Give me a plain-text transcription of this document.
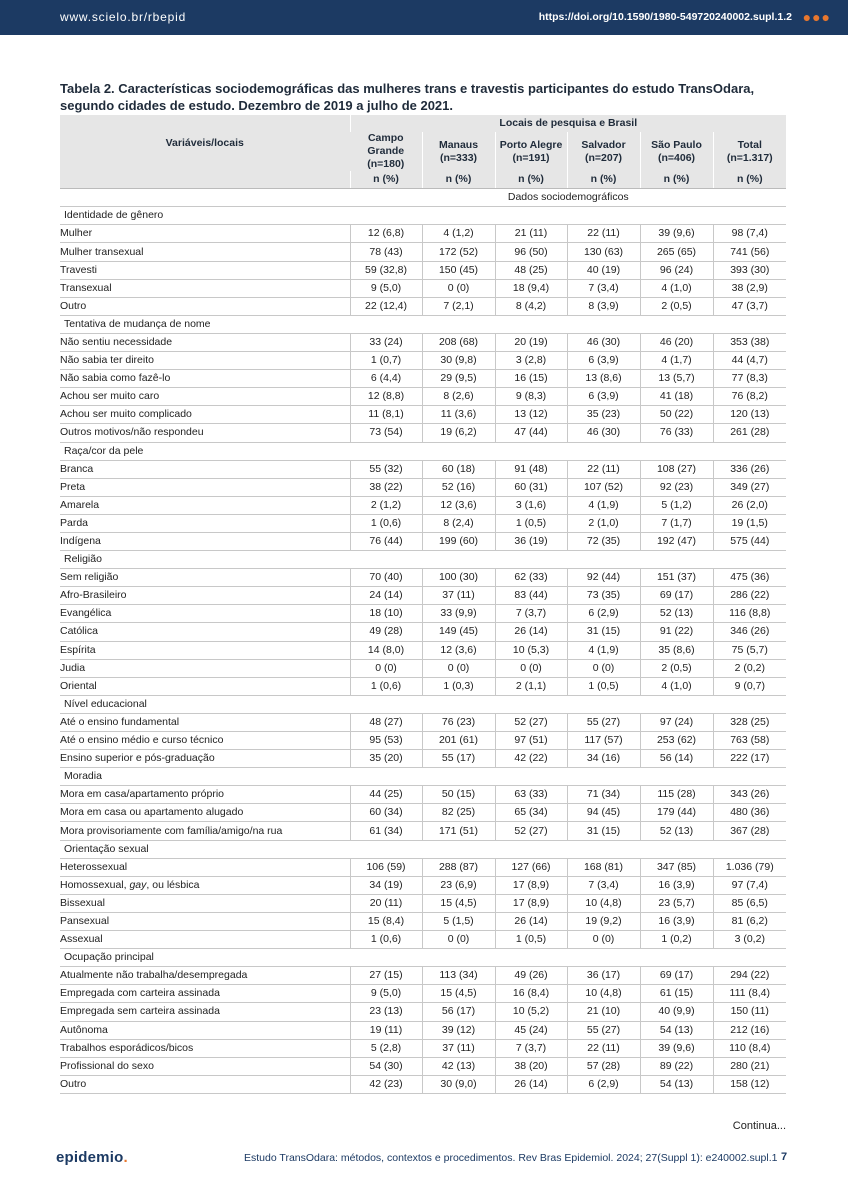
www.scielo.br/rbepid	https://doi.org/10.1590/1980-549720240002.supl.1.2 ●●●
Tabela 2. Características sociodemográficas das mulheres trans e travestis participantes do estudo TransOdara, segundo cidades de estudo. Dezembro de 2019 a julho de 2021.
Variáveis/locais	Locais de pesquisa e Brasil					
	Campo Grande (n=180)	Manaus (n=333)	Porto Alegre (n=191)	Salvador (n=207)	São Paulo (n=406)	Total (n=1.317)
	n (%)	n (%)	n (%)	n (%)	n (%)	n (%)
	Dados sociodemográficos					
Identidade de gênero						
Mulher	12 (6,8)	4 (1,2)	21 (11)	22 (11)	39 (9,6)	98 (7,4)
Mulher transexual	78 (43)	172 (52)	96 (50)	130 (63)	265 (65)	741 (56)
Travesti	59 (32,8)	150 (45)	48 (25)	40 (19)	96 (24)	393 (30)
Transexual	9 (5,0)	0 (0)	18 (9,4)	7 (3,4)	4 (1,0)	38 (2,9)
Outro	22 (12,4)	7 (2,1)	8 (4,2)	8 (3,9)	2 (0,5)	47 (3,7)
Tentativa de mudança de nome						
Não sentiu necessidade	33 (24)	208 (68)	20 (19)	46 (30)	46 (20)	353 (38)
Não sabia ter direito	1 (0,7)	30 (9,8)	3 (2,8)	6 (3,9)	4 (1,7)	44 (4,7)
Não sabia como fazê-lo	6 (4,4)	29 (9,5)	16 (15)	13 (8,6)	13 (5,7)	77 (8,3)
Achou ser muito caro	12 (8,8)	8 (2,6)	9 (8,3)	6 (3,9)	41 (18)	76 (8,2)
Achou ser muito complicado	11 (8,1)	11 (3,6)	13 (12)	35 (23)	50 (22)	120 (13)
Outros motivos/não respondeu	73 (54)	19 (6,2)	47 (44)	46 (30)	76 (33)	261 (28)
Raça/cor da pele						
Branca	55 (32)	60 (18)	91 (48)	22 (11)	108 (27)	336 (26)
Preta	38 (22)	52 (16)	60 (31)	107 (52)	92 (23)	349 (27)
Amarela	2 (1,2)	12 (3,6)	3 (1,6)	4 (1,9)	5 (1,2)	26 (2,0)
Parda	1 (0,6)	8 (2,4)	1 (0,5)	2 (1,0)	7 (1,7)	19 (1,5)
Indígena	76 (44)	199 (60)	36 (19)	72 (35)	192 (47)	575 (44)
Religião						
Sem religião	70 (40)	100 (30)	62 (33)	92 (44)	151 (37)	475 (36)
Afro-Brasileiro	24 (14)	37 (11)	83 (44)	73 (35)	69 (17)	286 (22)
Evangélica	18 (10)	33 (9,9)	7 (3,7)	6 (2,9)	52 (13)	116 (8,8)
Católica	49 (28)	149 (45)	26 (14)	31 (15)	91 (22)	346 (26)
Espírita	14 (8,0)	12 (3,6)	10 (5,3)	4 (1,9)	35 (8,6)	75 (5,7)
Judia	0 (0)	0 (0)	0 (0)	0 (0)	2 (0,5)	2 (0,2)
Oriental	1 (0,6)	1 (0,3)	2 (1,1)	1 (0,5)	4 (1,0)	9 (0,7)
Nível educacional						
Até o ensino fundamental	48 (27)	76 (23)	52 (27)	55 (27)	97 (24)	328 (25)
Até o ensino médio e curso técnico	95 (53)	201 (61)	97 (51)	117 (57)	253 (62)	763 (58)
Ensino superior e pós-graduação	35 (20)	55 (17)	42 (22)	34 (16)	56 (14)	222 (17)
Moradia						
Mora em casa/apartamento próprio	44 (25)	50 (15)	63 (33)	71 (34)	115 (28)	343 (26)
Mora em casa ou apartamento alugado	60 (34)	82 (25)	65 (34)	94 (45)	179 (44)	480 (36)
Mora provisoriamente com família/amigo/na rua	61 (34)	171 (51)	52 (27)	31 (15)	52 (13)	367 (28)
Orientação sexual						
Heterossexual	106 (59)	288 (87)	127 (66)	168 (81)	347 (85)	1.036 (79)
Homossexual, gay, ou lésbica	34 (19)	23 (6,9)	17 (8,9)	7 (3,4)	16 (3,9)	97 (7,4)
Bissexual	20 (11)	15 (4,5)	17 (8,9)	10 (4,8)	23 (5,7)	85 (6,5)
Pansexual	15 (8,4)	5 (1,5)	26 (14)	19 (9,2)	16 (3,9)	81 (6,2)
Assexual	1 (0,6)	0 (0)	1 (0,5)	0 (0)	1 (0,2)	3 (0,2)
Ocupação principal						
Atualmente não trabalha/desempregada	27 (15)	113 (34)	49 (26)	36 (17)	69 (17)	294 (22)
Empregada com carteira assinada	9 (5,0)	15 (4,5)	16 (8,4)	10 (4,8)	61 (15)	111 (8,4)
Empregada sem carteira assinada	23 (13)	56 (17)	10 (5,2)	21 (10)	40 (9,9)	150 (11)
Autônoma	19 (11)	39 (12)	45 (24)	55 (27)	54 (13)	212 (16)
Trabalhos esporádicos/bicos	5 (2,8)	37 (11)	7 (3,7)	22 (11)	39 (9,6)	110 (8,4)
Profissional do sexo	54 (30)	42 (13)	38 (20)	57 (28)	89 (22)	280 (21)
Outro	42 (23)	30 (9,0)	26 (14)	6 (2,9)	54 (13)	158 (12)
Continua...
epidemio.	Estudo TransOdara: métodos, contextos e procedimentos. Rev Bras Epidemiol. 2024; 27(Suppl 1): e240002.supl.1 7
